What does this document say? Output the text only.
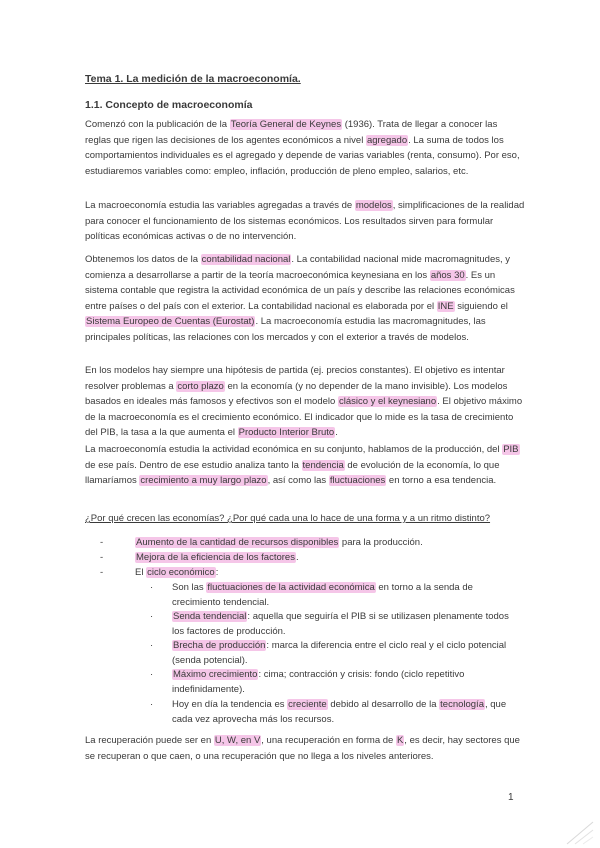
Tema 1. La medición de la macroeconomía.
1.1. Concepto de macroeconomía

Comenzó con la publicación de la Teoría General de Keynes (1936). Trata de llegar a conocer las reglas que rigen las decisiones de los agentes económicos a nivel agregado. La suma de todos los comportamientos individuales es el agregado y depende de varias variables (renta, consumo). Por eso, estudiaremos variables como: empleo, inflación, producción de pleno empleo, salarios, etc.

La macroeconomía estudia las variables agregadas a través de modelos, simplificaciones de la realidad para conocer el funcionamiento de los sistemas económicos. Los resultados sirven para formular políticas económicas activas o de no intervención.

Obtenemos los datos de la contabilidad nacional. La contabilidad nacional mide macromagnitudes, y comienza a desarrollarse a partir de la teoría macroeconómica keynesiana en los años 30. Es un sistema contable que registra la actividad económica de un país y describe las relaciones económicas entre países o del país con el exterior. La contabilidad nacional es elaborada por el INE siguiendo el Sistema Europeo de Cuentas (Eurostat). La macroeconomía estudia las macromagnitudes, las principales políticas, las relaciones con los mercados y con el exterior a través de modelos.

En los modelos hay siempre una hipótesis de partida (ej. precios constantes). El objetivo es intentar resolver problemas a corto plazo en la economía (y no depender de la mano invisible). Los modelos basados en ideales más famosos y efectivos son el modelo clásico y el keynesiano. El objetivo máximo de la macroeconomía es el crecimiento económico. El indicador que lo mide es la tasa de crecimiento del PIB, la tasa a la que aumenta el Producto Interior Bruto.

La macroeconomía estudia la actividad económica en su conjunto, hablamos de la producción, del PIB de ese país. Dentro de ese estudio analiza tanto la tendencia de evolución de la economía, lo que llamaríamos crecimiento a muy largo plazo, así como las fluctuaciones en torno a esa tendencia.

¿Por qué crecen las economías? ¿Por qué cada una lo hace de una forma y a un ritmo distinto?
-	Aumento de la cantidad de recursos disponibles para la producción.
-	Mejora de la eficiencia de los factores.
-	El ciclo económico:
· Son las fluctuaciones de la actividad económica en torno a la senda de crecimiento tendencial.
· Senda tendencial: aquella que seguiría el PIB si se utilizasen plenamente todos los factores de producción.
· Brecha de producción: marca la diferencia entre el ciclo real y el ciclo potencial (senda potencial).
· Máximo crecimiento: cima; contracción y crisis: fondo (ciclo repetitivo indefinidamente).
· Hoy en día la tendencia es creciente debido al desarrollo de la tecnología, que cada vez aprovecha más los recursos.

La recuperación puede ser en U, W, en V, una recuperación en forma de K, es decir, hay sectores que se recuperan o que caen, o una recuperación que no llega a los niveles anteriores.

1
